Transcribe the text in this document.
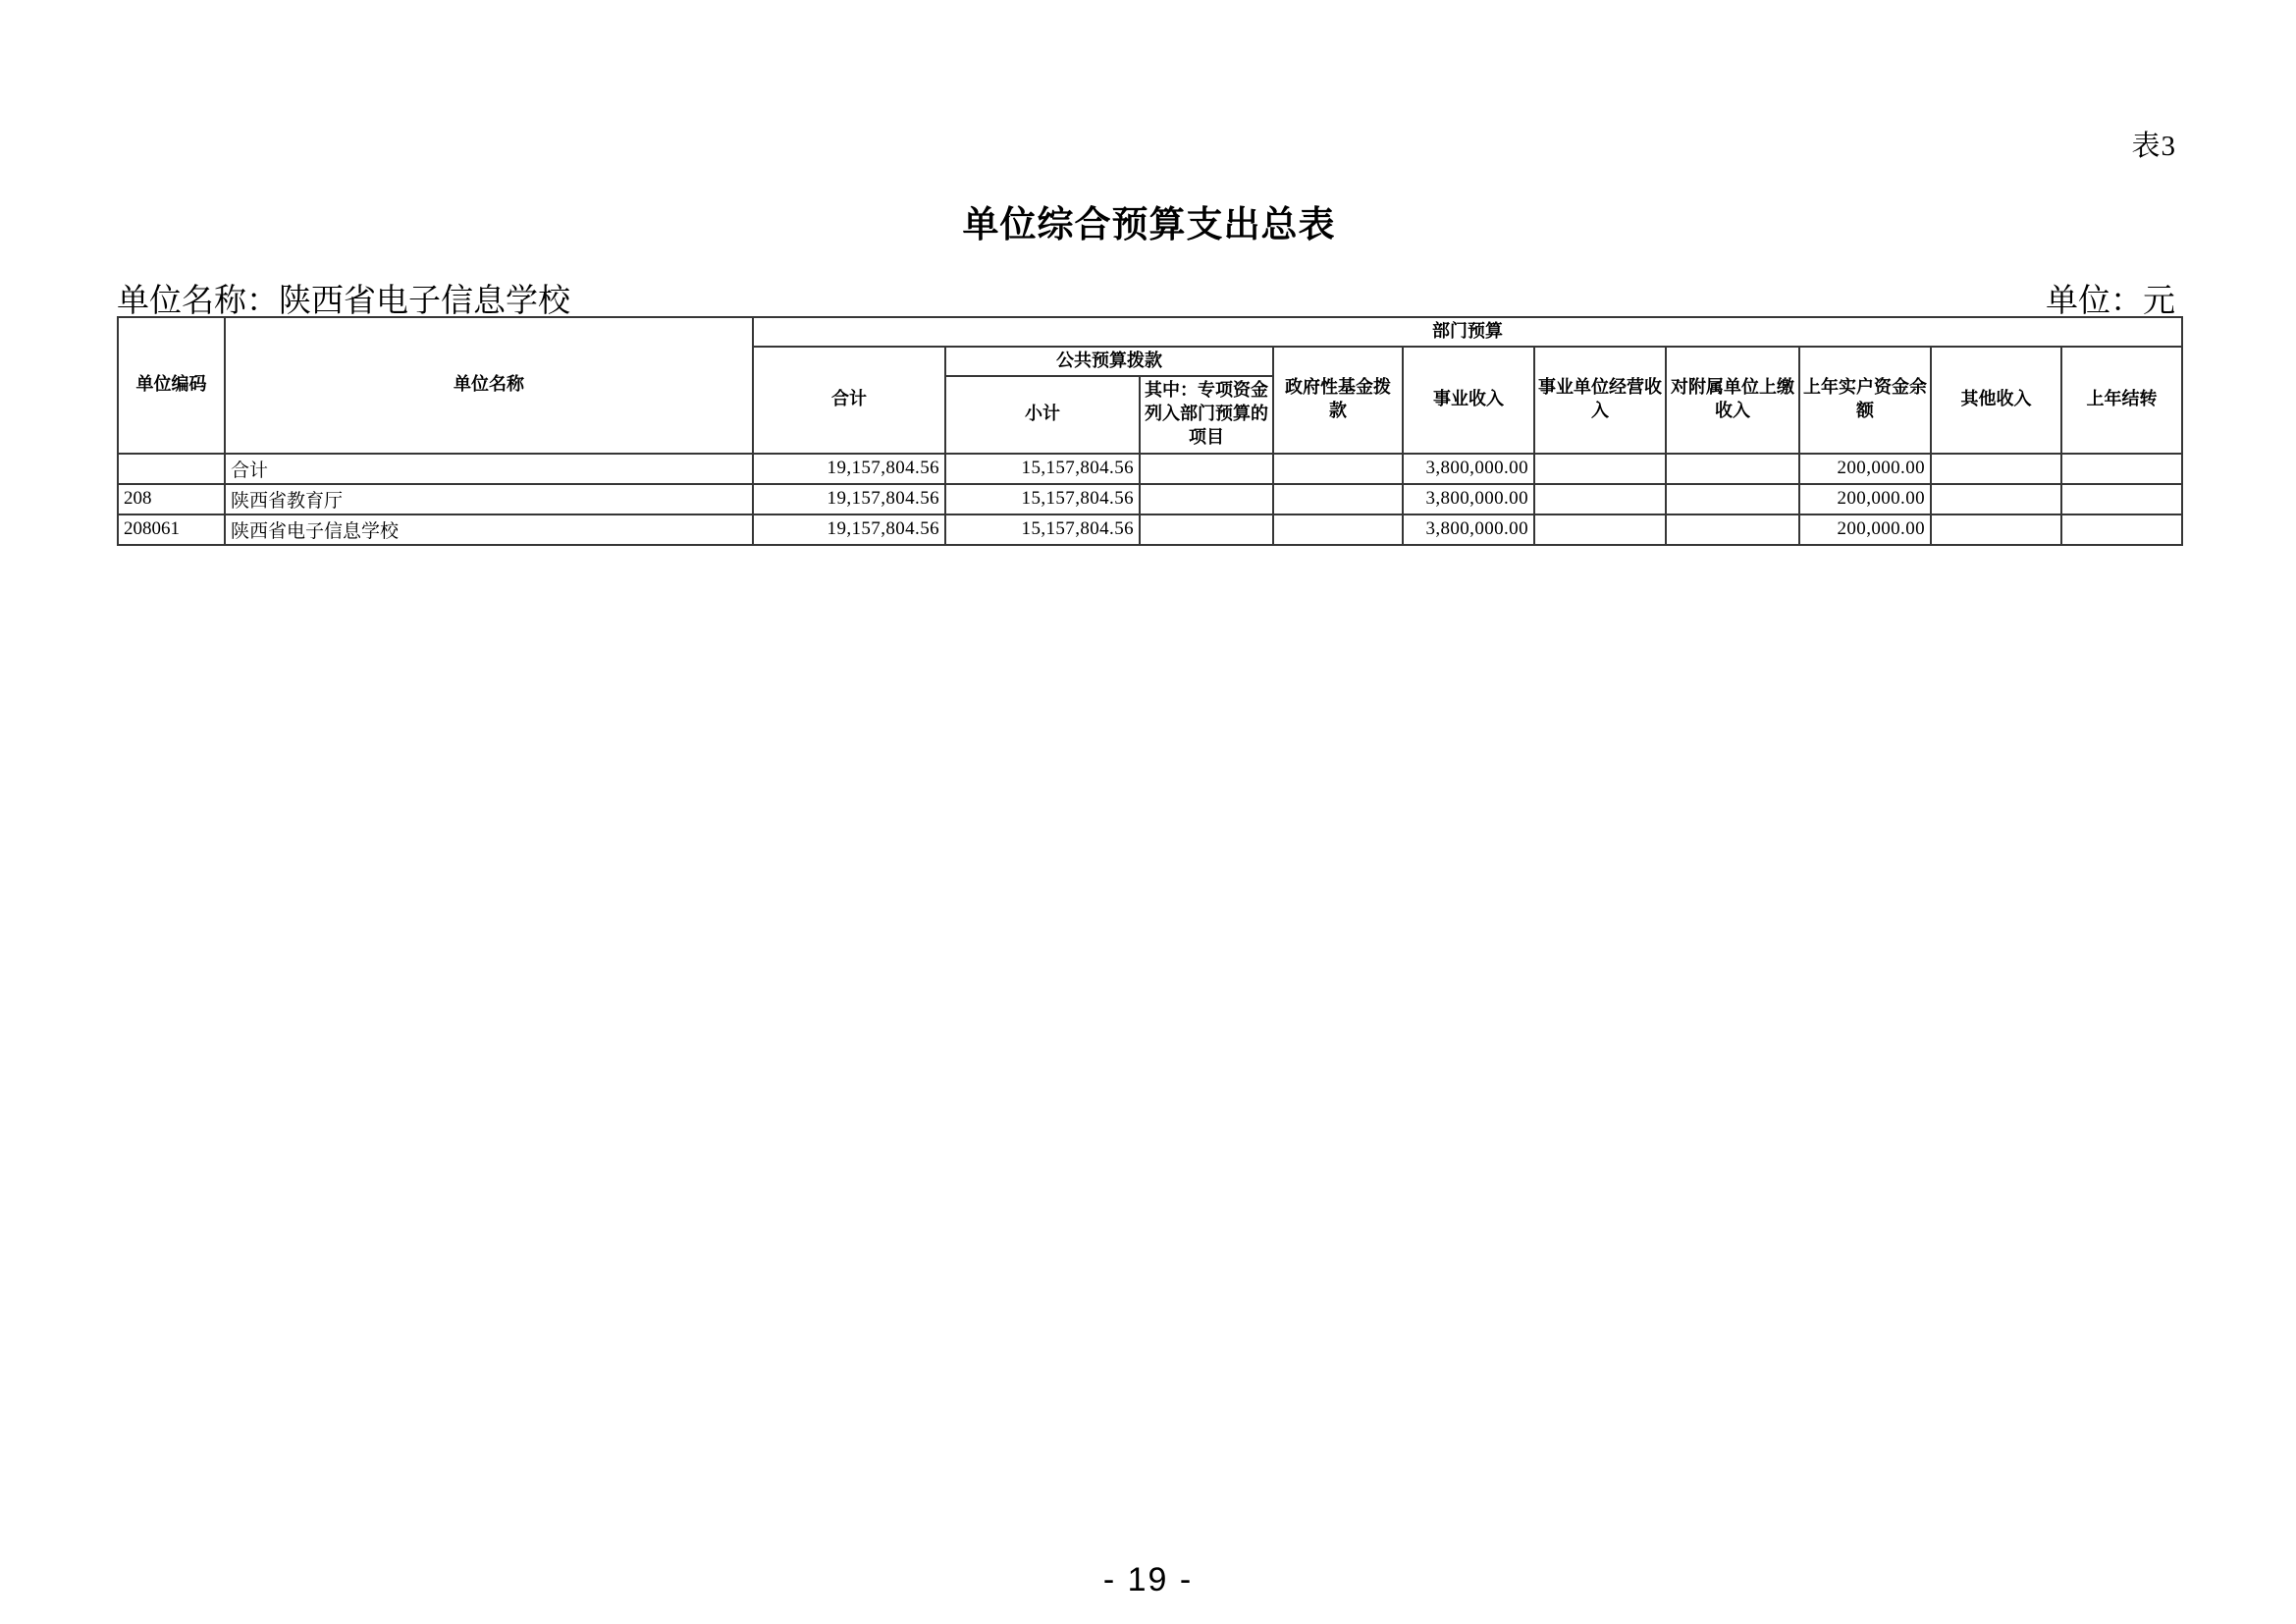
表3
单位综合预算支出总表
单位名称：陕西省电子信息学校	单位：元
单位编码	单位名称	部门预算									
		合计	公共预算拨款		政府性基金拨款	事业收入	事业单位经营收入	对附属单位上缴收入	上年实户资金余额	其他收入	上年结转
			小计	其中：专项资金列入部门预算的项目							
	合计	19,157,804.56	15,157,804.56			3,800,000.00			200,000.00		
208	陕西省教育厅	19,157,804.56	15,157,804.56			3,800,000.00			200,000.00		
208061	陕西省电子信息学校	19,157,804.56	15,157,804.56			3,800,000.00			200,000.00		
- 19 -
